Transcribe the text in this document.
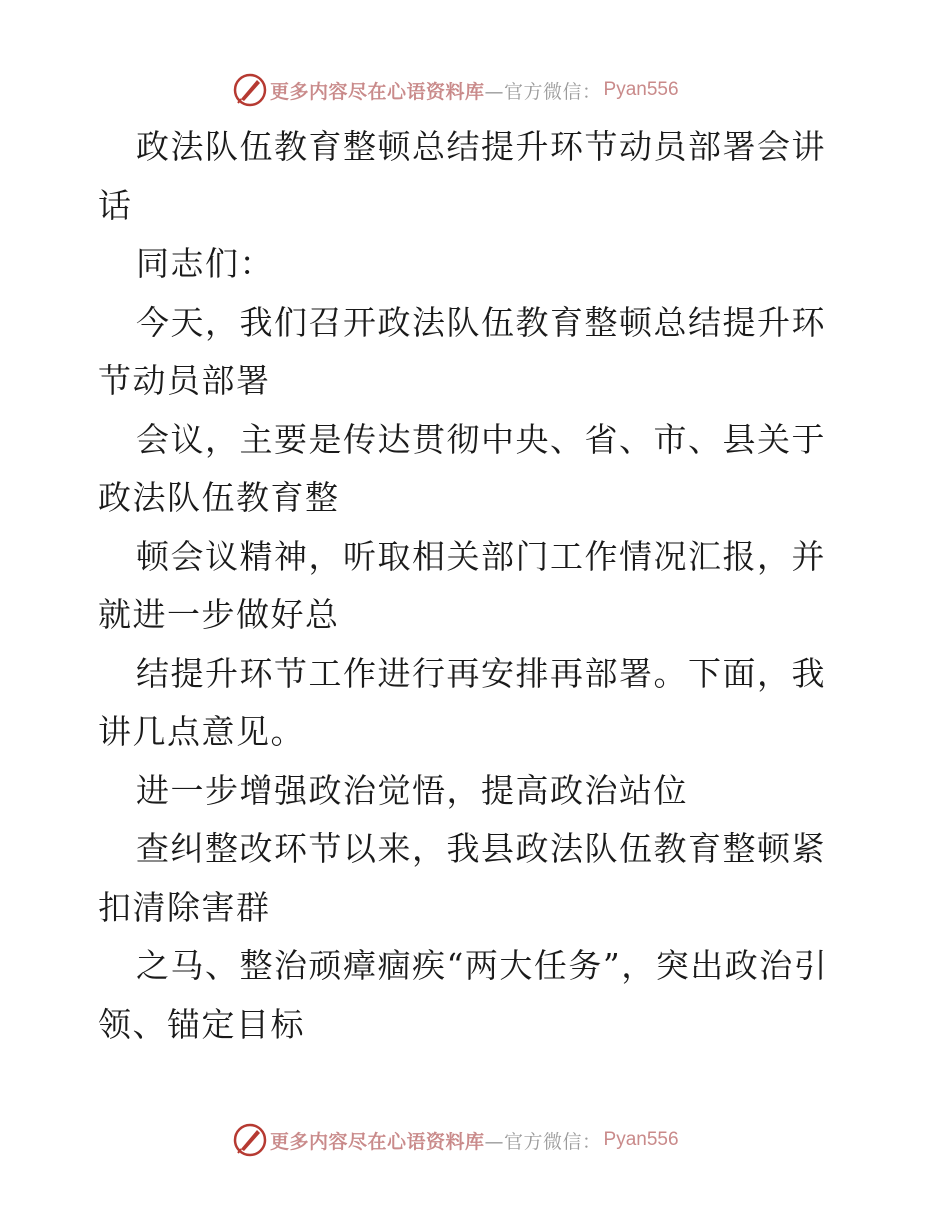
更多内容尽在心语资料库 —官方微信： Pyan556

政法队伍教育整顿总结提升环节动员部署会讲话

同志们：

今天，我们召开政法队伍教育整顿总结提升环节动员部署

会议，主要是传达贯彻中央、省、市、县关于政法队伍教育整

顿会议精神，听取相关部门工作情况汇报，并就进一步做好总

结提升环节工作进行再安排再部署。下面，我讲几点意见。

进一步增强政治觉悟，提高政治站位

查纠整改环节以来，我县政法队伍教育整顿紧扣清除害群

之马、整治顽瘴痼疾“两大任务”，突出政治引领、锚定目标

更多内容尽在心语资料库 —官方微信： Pyan556
